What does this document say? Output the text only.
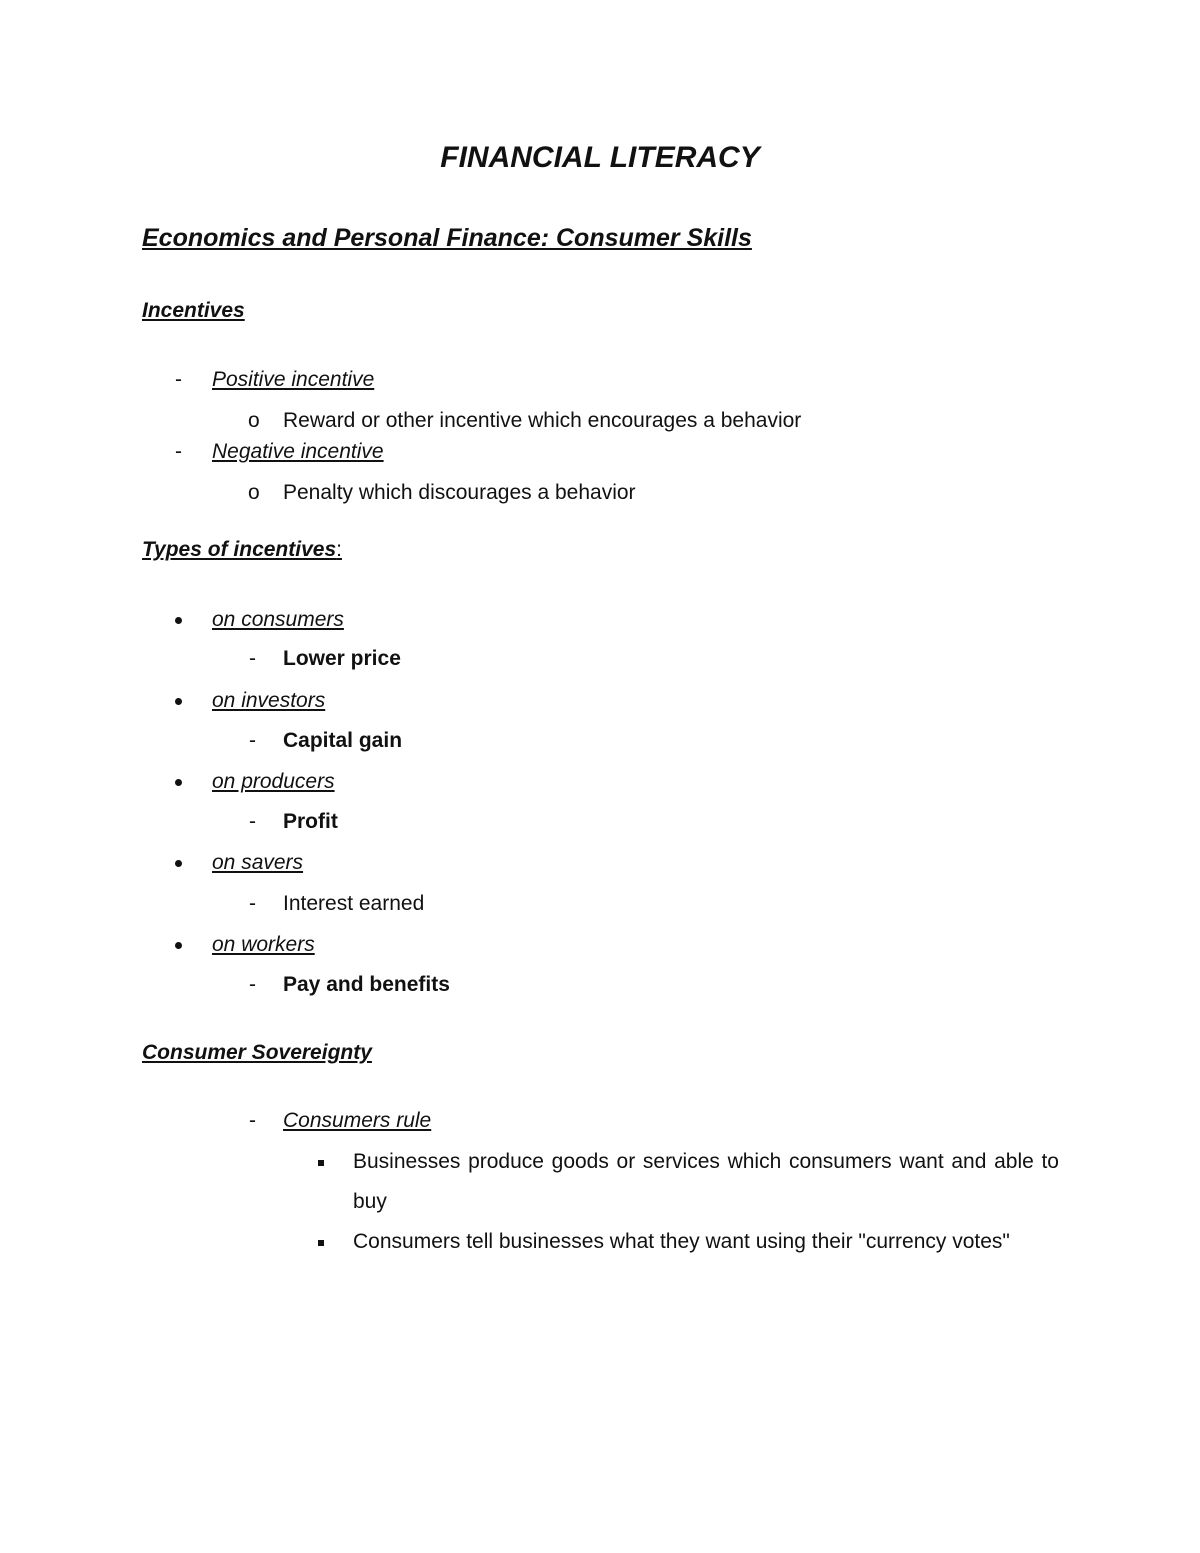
FINANCIAL LITERACY
Economics and Personal Finance: Consumer Skills
Incentives
- Positive incentive
o Reward or other incentive which encourages a behavior
- Negative incentive
o Penalty which discourages a behavior
Types of incentives:
on consumers
- Lower price
on investors
- Capital gain
on producers
- Profit
on savers
- Interest earned
on workers
- Pay and benefits
Consumer Sovereignty
- Consumers rule
Businesses produce goods or services which consumers want and able to buy
Consumers tell businesses what they want using their "currency votes"
